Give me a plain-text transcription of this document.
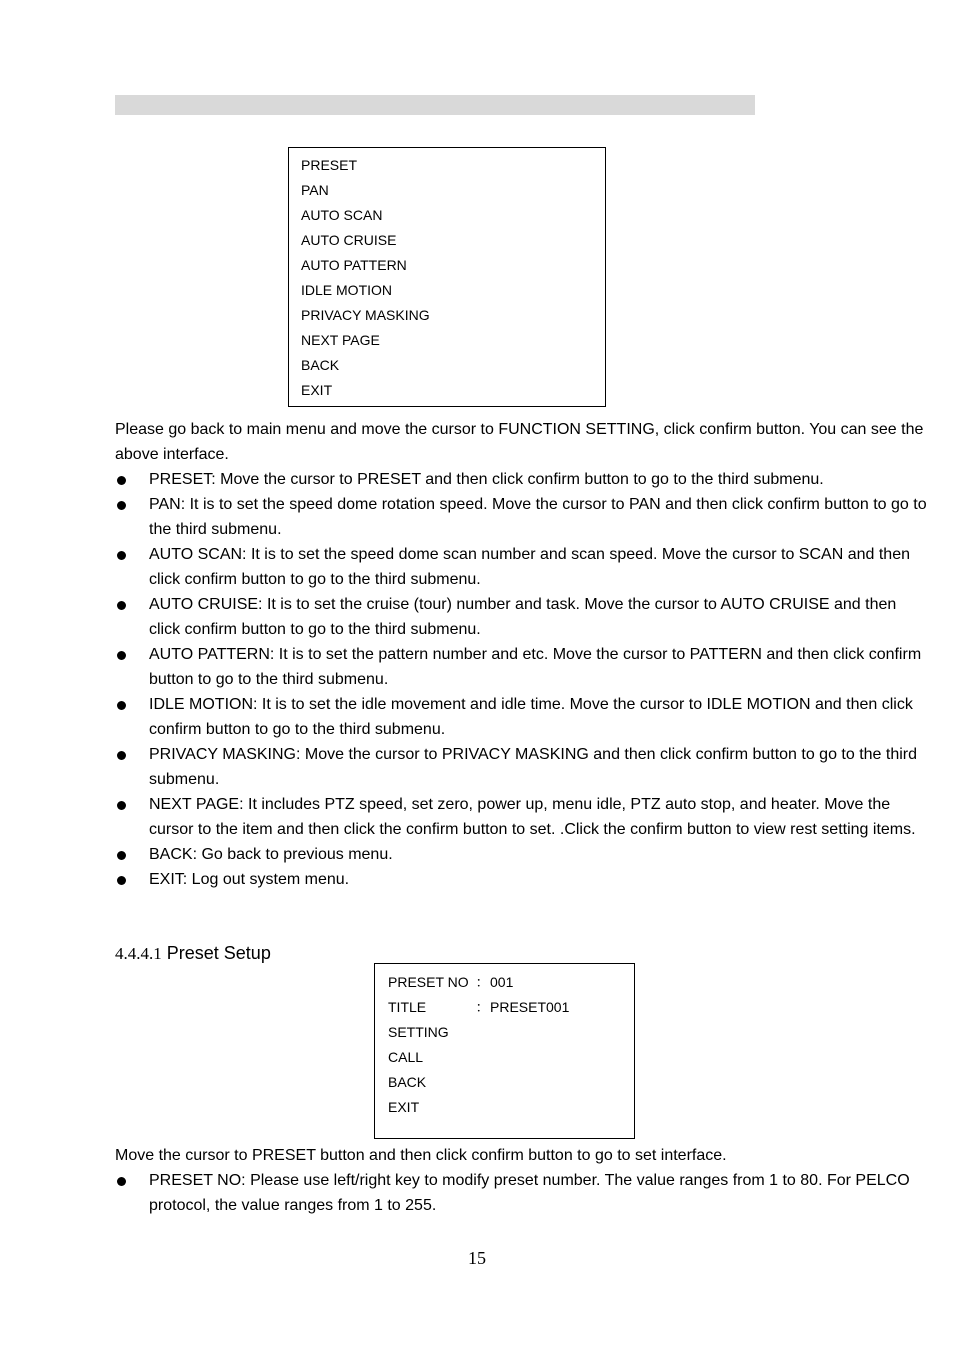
PRESET
PAN
AUTO SCAN
AUTO CRUISE
AUTO PATTERN
IDLE MOTION
PRIVACY MASKING
NEXT PAGE
BACK
EXIT
Please go back to main menu and move the cursor to FUNCTION SETTING, click confirm button. You can see the above interface.
PRESET: Move the cursor to PRESET and then click confirm button to go to the third submenu.
PAN: It is to set the speed dome rotation speed. Move the cursor to PAN and then click confirm button to go to the third submenu.
AUTO SCAN: It is to set the speed dome scan number and scan speed. Move the cursor to SCAN and then click confirm button to go to the third submenu.
AUTO CRUISE: It is to set the cruise (tour) number and task. Move the cursor to AUTO CRUISE and then click confirm button to go to the third submenu.
AUTO PATTERN: It is to set the pattern number and etc. Move the cursor to PATTERN and then click confirm button to go to the third submenu.
IDLE MOTION: It is to set the idle movement and idle time. Move the cursor to IDLE MOTION and then click confirm button to go to the third submenu.
PRIVACY MASKING: Move the cursor to PRIVACY MASKING and then click confirm button to go to the third submenu.
NEXT PAGE: It includes PTZ speed, set zero, power up, menu idle, PTZ auto stop, and heater. Move the cursor to the item and then click the confirm button to set. .Click the confirm button to view rest setting items.
BACK: Go back to previous menu.
EXIT: Log out system menu.
4.4.4.1 Preset Setup
PRESET NO ： 001
TITLE	： PRESET001
SETTING
CALL
BACK
EXIT
Move the cursor to PRESET button and then click confirm button to go to set interface.
PRESET NO: Please use left/right key to modify preset number. The value ranges from 1 to 80. For PELCO protocol, the value ranges from 1 to 255.
15
